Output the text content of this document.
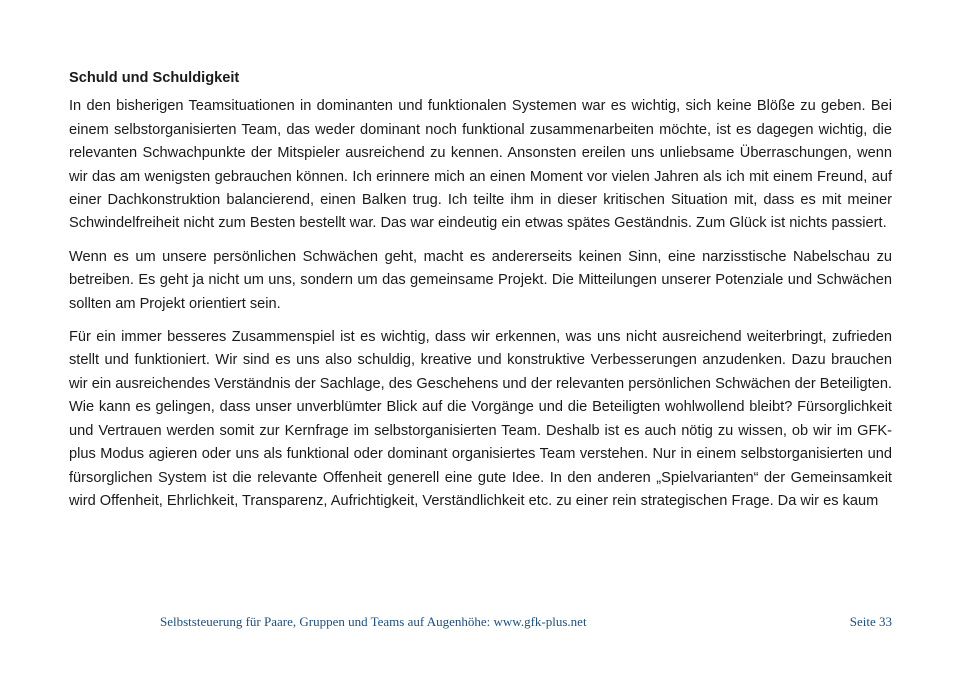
Schuld und Schuldigkeit

In den bisherigen Teamsituationen in dominanten und funktionalen Systemen war es wichtig, sich keine Blöße zu geben. Bei einem selbstorganisierten Team, das weder dominant noch funktional zusammenarbeiten möchte, ist es dagegen wichtig, die relevanten Schwachpunkte der Mitspieler ausreichend zu kennen. Ansonsten ereilen uns unliebsame Überraschungen, wenn wir das am wenigsten gebrauchen können. Ich erinnere mich an einen Moment vor vielen Jahren als ich mit einem Freund, auf einer Dachkonstruktion balancierend, einen Balken trug. Ich teilte ihm in dieser kritischen Situation mit, dass es mit meiner Schwindelfreiheit nicht zum Besten bestellt war. Das war eindeutig ein etwas spätes Geständnis. Zum Glück ist nichts passiert.

Wenn es um unsere persönlichen Schwächen geht, macht es andererseits keinen Sinn, eine narzisstische Nabelschau zu betreiben. Es geht ja nicht um uns, sondern um das gemeinsame Projekt. Die Mitteilungen unserer Potenziale und Schwächen sollten am Projekt orientiert sein.

Für ein immer besseres Zusammenspiel ist es wichtig, dass wir erkennen, was uns nicht ausreichend weiterbringt, zufrieden stellt und funktioniert. Wir sind es uns also schuldig, kreative und konstruktive Verbesserungen anzudenken. Dazu brauchen wir ein ausreichendes Verständnis der Sachlage, des Geschehens und der relevanten persönlichen Schwächen der Beteiligten. Wie kann es gelingen, dass unser unverblümter Blick auf die Vorgänge und die Beteiligten wohlwollend bleibt? Fürsorglichkeit und Vertrauen werden somit zur Kernfrage im selbstorganisierten Team. Deshalb ist es auch nötig zu wissen, ob wir im GFK-plus Modus agieren oder uns als funktional oder dominant organisiertes Team verstehen. Nur in einem selbstorganisierten und fürsorglichen System ist die relevante Offenheit generell eine gute Idee. In den anderen „Spielvarianten“ der Gemeinsamkeit wird Offenheit, Ehrlichkeit, Transparenz, Aufrichtigkeit, Verständlichkeit etc. zu einer rein strategischen Frage. Da wir es kaum

Selbststeuerung für Paare, Gruppen und Teams auf Augenhöhe: www.gfk-plus.net	Seite 33
